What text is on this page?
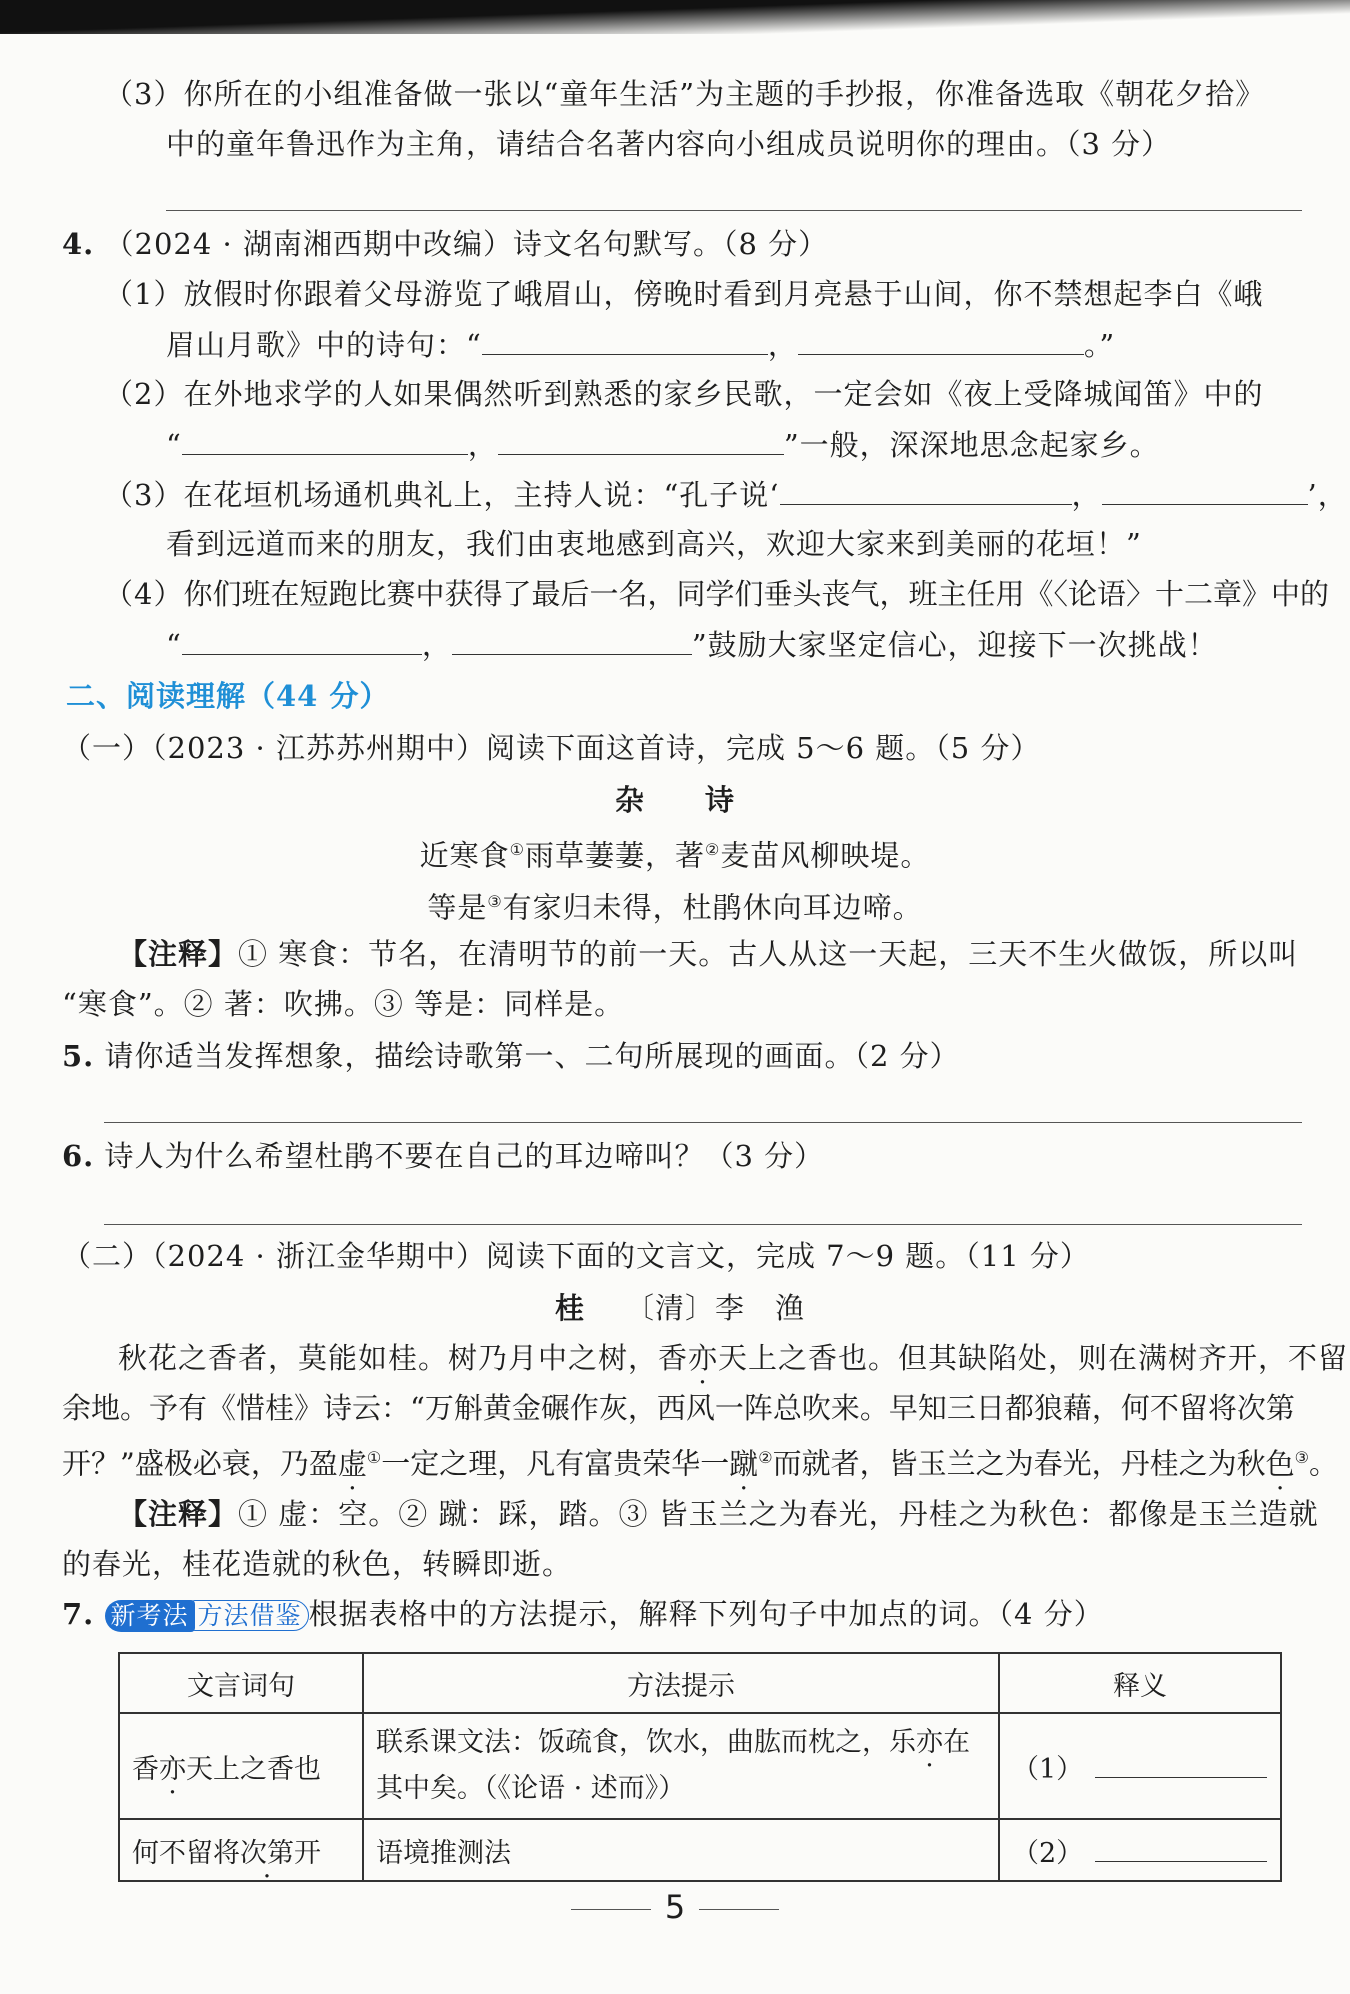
（3）你所在的小组准备做一张以“童年生活”为主题的手抄报，你准备选取《朝花夕拾》
中的童年鲁迅作为主角，请结合名著内容向小组成员说明你的理由。（3 分）
4. （2024 · 湖南湘西期中改编）诗文名句默写。（8 分）
（1）放假时你跟着父母游览了峨眉山，傍晚时看到月亮悬于山间，你不禁想起李白《峨
眉山月歌》中的诗句：“	，	。”
（2）在外地求学的人如果偶然听到熟悉的家乡民歌，一定会如《夜上受降城闻笛》中的
“	，	”一般，深深地思念起家乡。
（3）在花垣机场通机典礼上，主持人说：“孔子说‘	，	’，
看到远道而来的朋友，我们由衷地感到高兴，欢迎大家来到美丽的花垣！”
（4）你们班在短跑比赛中获得了最后一名，同学们垂头丧气，班主任用《〈论语〉十二章》中的
“	，	”鼓励大家坚定信心，迎接下一次挑战！
二、阅读理解（44 分）
（一）（2023 · 江苏苏州期中）阅读下面这首诗，完成 5～6 题。（5 分）
杂　　诗
近寒食①雨草萋萋，著②麦苗风柳映堤。
等是③有家归未得，杜鹃休向耳边啼。
【注释】① 寒食：节名，在清明节的前一天。古人从这一天起，三天不生火做饭，所以叫
“寒食”。② 著：吹拂。③ 等是：同样是。
5. 请你适当发挥想象，描绘诗歌第一、二句所展现的画面。（2 分）
6. 诗人为什么希望杜鹃不要在自己的耳边啼叫？（3 分）
（二）（2024 · 浙江金华期中）阅读下面的文言文，完成 7～9 题。（11 分）
桂 〔清〕李　渔
秋花之香者，莫能如桂。树乃月中之树，香亦天上之香也。但其缺陷处，则在满树齐开，不留
余地。予有《惜桂》诗云：“万斛黄金碾作灰，西风一阵总吹来。早知三日都狼藉，何不留将次第
开？”盛极必衰，乃盈虚①一定之理，凡有富贵荣华一蹴②而就者，皆玉兰之为春光，丹桂之为秋色③。
【注释】① 虚：空。② 蹴：踩，踏。③ 皆玉兰之为春光，丹桂之为秋色：都像是玉兰造就
的春光，桂花造就的秋色，转瞬即逝。
7. 新考法 方法借鉴 根据表格中的方法提示，解释下列句子中加点的词。（4 分）
文言词句	方法提示	释义
香亦天上之香也	联系课文法：饭疏食，饮水，曲肱而枕之，乐亦在
其中矣。（《论语 · 述而》）	（1）
何不留将次第开	语境推测法	（2）
5
